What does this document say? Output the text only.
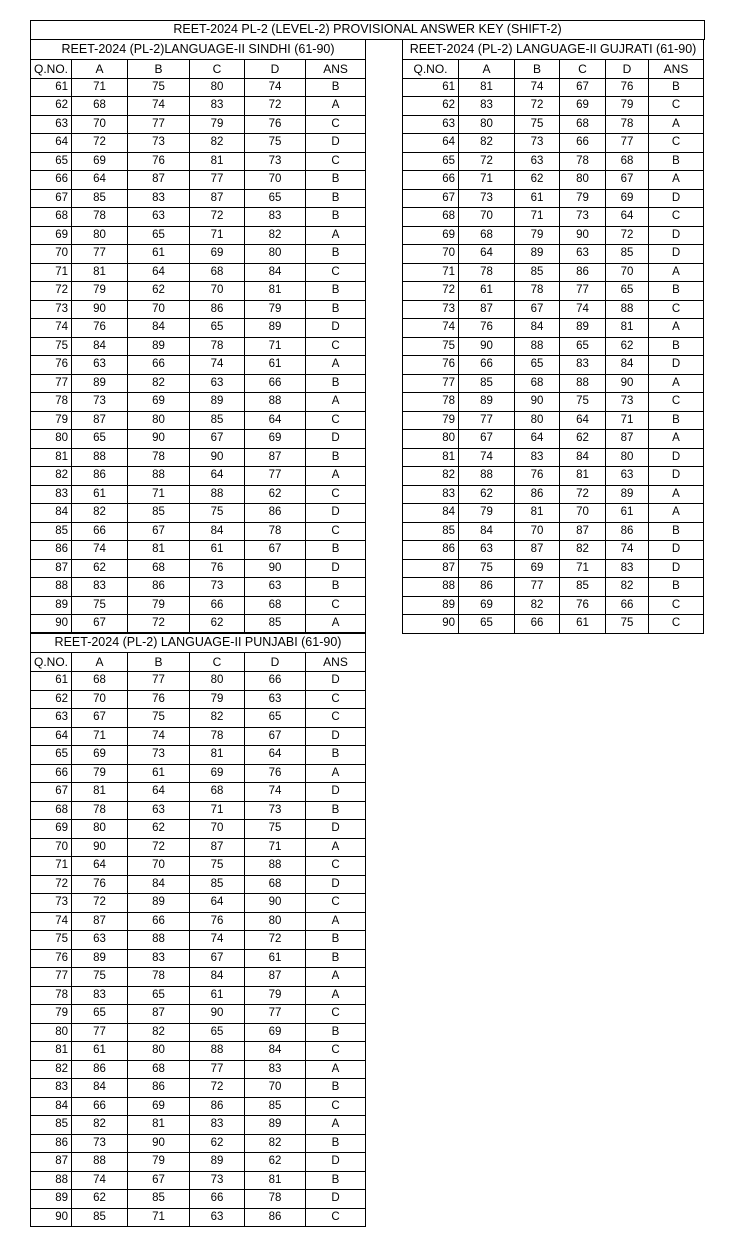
REET-2024 PL-2 (LEVEL-2) PROVISIONAL ANSWER KEY (SHIFT-2)
REET-2024 (PL-2)LANGUAGE-II SINDHI (61-90)					
Q.NO.	A	B	C	D	ANS
61	71	75	80	74	B
62	68	74	83	72	A
63	70	77	79	76	C
64	72	73	82	75	D
65	69	76	81	73	C
66	64	87	77	70	B
67	85	83	87	65	B
68	78	63	72	83	B
69	80	65	71	82	A
70	77	61	69	80	B
71	81	64	68	84	C
72	79	62	70	81	B
73	90	70	86	79	B
74	76	84	65	89	D
75	84	89	78	71	C
76	63	66	74	61	A
77	89	82	63	66	B
78	73	69	89	88	A
79	87	80	85	64	C
80	65	90	67	69	D
81	88	78	90	87	B
82	86	88	64	77	A
83	61	71	88	62	C
84	82	85	75	86	D
85	66	67	84	78	C
86	74	81	61	67	B
87	62	68	76	90	D
88	83	86	73	63	B
89	75	79	66	68	C
90	67	72	62	85	A
REET-2024 (PL-2) LANGUAGE-II PUNJABI (61-90)					
Q.NO.	A	B	C	D	ANS
61	68	77	80	66	D
62	70	76	79	63	C
63	67	75	82	65	C
64	71	74	78	67	D
65	69	73	81	64	B
66	79	61	69	76	A
67	81	64	68	74	D
68	78	63	71	73	B
69	80	62	70	75	D
70	90	72	87	71	A
71	64	70	75	88	C
72	76	84	85	68	D
73	72	89	64	90	C
74	87	66	76	80	A
75	63	88	74	72	B
76	89	83	67	61	B
77	75	78	84	87	A
78	83	65	61	79	A
79	65	87	90	77	C
80	77	82	65	69	B
81	61	80	88	84	C
82	86	68	77	83	A
83	84	86	72	70	B
84	66	69	86	85	C
85	82	81	83	89	A
86	73	90	62	82	B
87	88	79	89	62	D
88	74	67	73	81	B
89	62	85	66	78	D
90	85	71	63	86	C
REET-2024 (PL-2) LANGUAGE-II GUJRATI (61-90)					
Q.NO.	A	B	C	D	ANS
61	81	74	67	76	B
62	83	72	69	79	C
63	80	75	68	78	A
64	82	73	66	77	C
65	72	63	78	68	B
66	71	62	80	67	A
67	73	61	79	69	D
68	70	71	73	64	C
69	68	79	90	72	D
70	64	89	63	85	D
71	78	85	86	70	A
72	61	78	77	65	B
73	87	67	74	88	C
74	76	84	89	81	A
75	90	88	65	62	B
76	66	65	83	84	D
77	85	68	88	90	A
78	89	90	75	73	C
79	77	80	64	71	B
80	67	64	62	87	A
81	74	83	84	80	D
82	88	76	81	63	D
83	62	86	72	89	A
84	79	81	70	61	A
85	84	70	87	86	B
86	63	87	82	74	D
87	75	69	71	83	D
88	86	77	85	82	B
89	69	82	76	66	C
90	65	66	61	75	C
